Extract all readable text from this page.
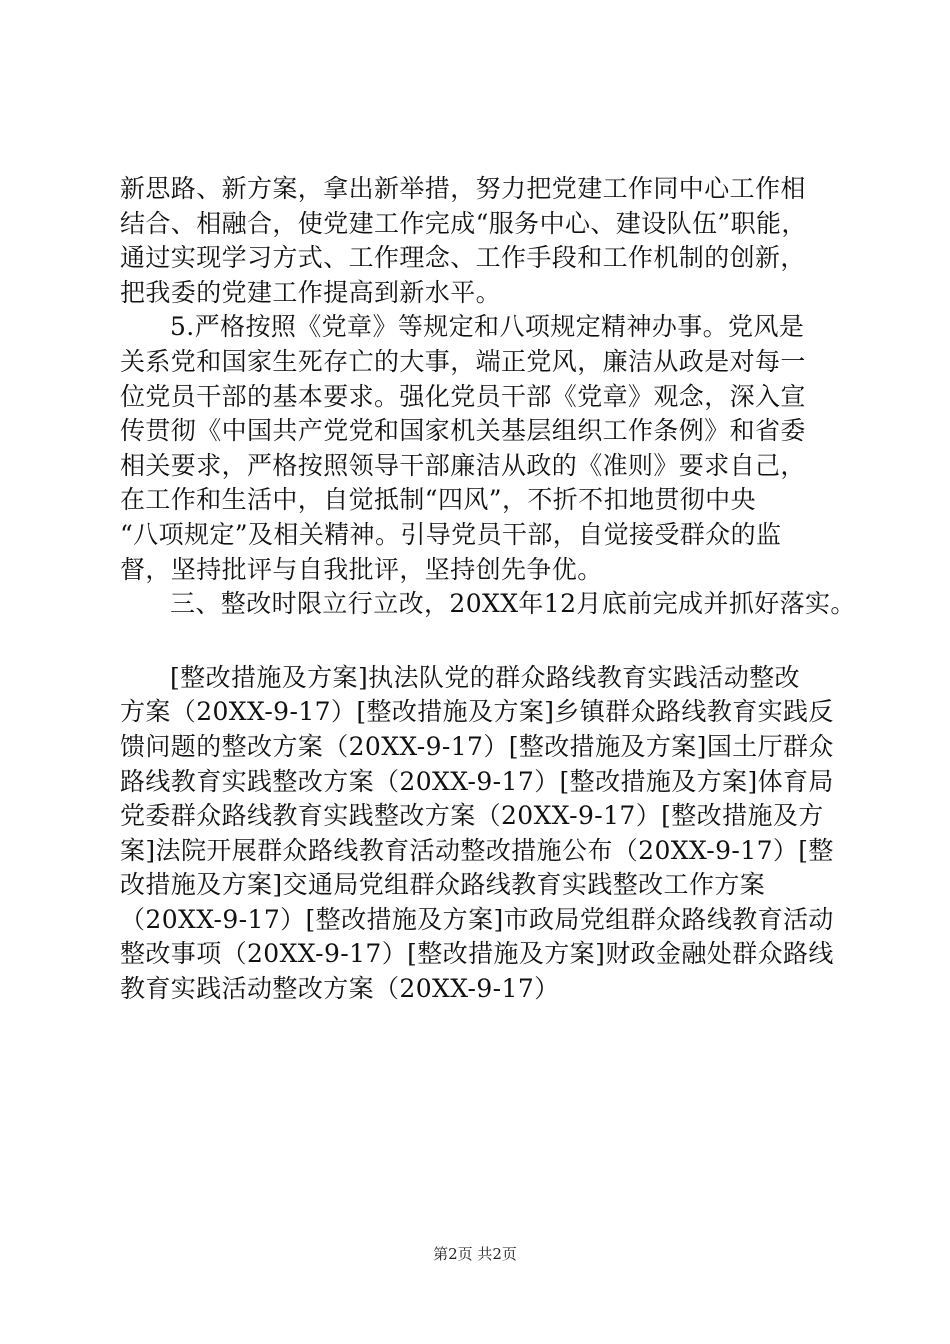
新思路、新方案，拿出新举措，努力把党建工作同中心工作相
结合、相融合，使党建工作完成“服务中心、建设队伍”职能，
通过实现学习方式、工作理念、工作手段和工作机制的创新，
把我委的党建工作提高到新水平。
5.严格按照《党章》等规定和八项规定精神办事。党风是
关系党和国家生死存亡的大事，端正党风，廉洁从政是对每一
位党员干部的基本要求。强化党员干部《党章》观念，深入宣
传贯彻《中国共产党党和国家机关基层组织工作条例》和省委
相关要求，严格按照领导干部廉洁从政的《准则》要求自己，
在工作和生活中，自觉抵制“四风”，不折不扣地贯彻中央
“八项规定”及相关精神。引导党员干部，自觉接受群众的监
督，坚持批评与自我批评，坚持创先争优。
三、整改时限立行立改，20XX年12月底前完成并抓好落实。
[整改措施及方案]执法队党的群众路线教育实践活动整改
方案（20XX-9-17）[整改措施及方案]乡镇群众路线教育实践反
馈问题的整改方案（20XX-9-17）[整改措施及方案]国土厅群众
路线教育实践整改方案（20XX-9-17）[整改措施及方案]体育局
党委群众路线教育实践整改方案（20XX-9-17）[整改措施及方
案]法院开展群众路线教育活动整改措施公布（20XX-9-17）[整
改措施及方案]交通局党组群众路线教育实践整改工作方案
（20XX-9-17）[整改措施及方案]市政局党组群众路线教育活动
整改事项（20XX-9-17）[整改措施及方案]财政金融处群众路线
教育实践活动整改方案（20XX-9-17）
第2页 共2页
